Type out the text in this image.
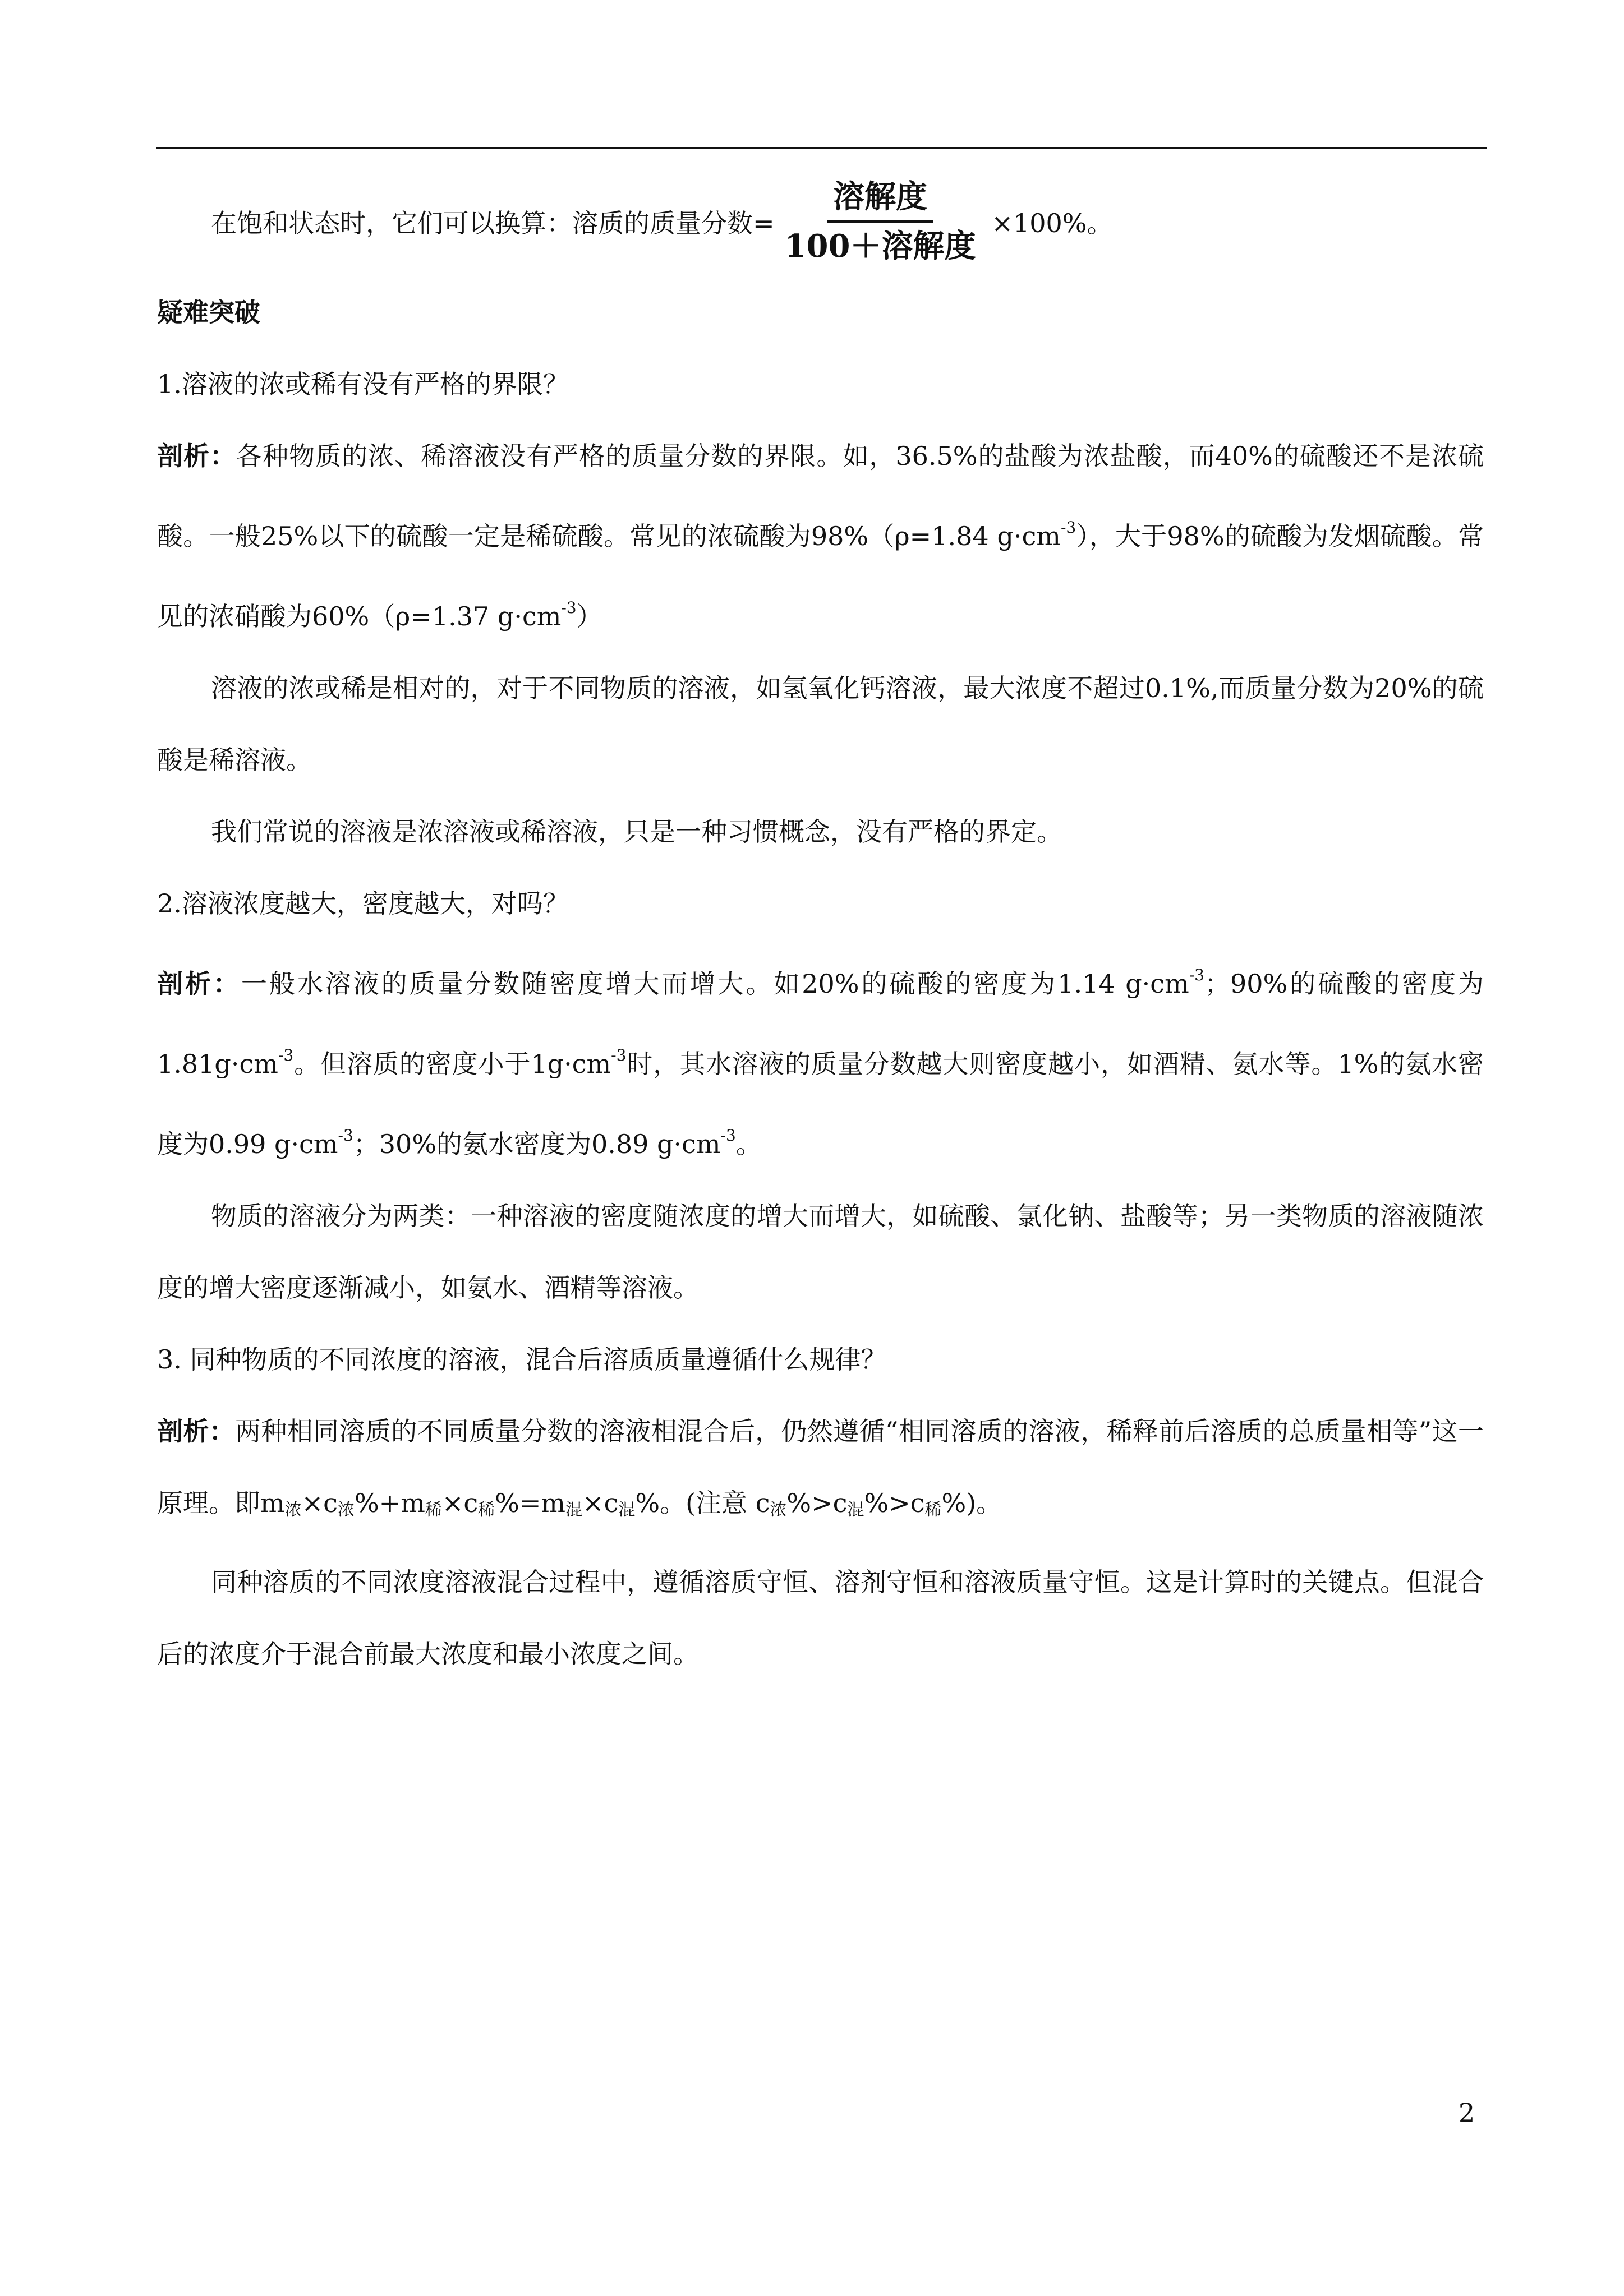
在饱和状态时，它们可以换算：溶质的质量分数= $\frac{\text{溶解度}}{\text{100＋溶解度}} \times 100\%$。

疑难突破

1.溶液的浓或稀有没有严格的界限？

剖析：各种物质的浓、稀溶液没有严格的质量分数的界限。如，36.5%的盐酸为浓盐酸，而40%的硫酸还不是浓硫酸。一般25%以下的硫酸一定是稀硫酸。常见的浓硫酸为98%（ρ=1.84 $g\cdot cm^{-3}$），大于98%的硫酸为发烟硫酸。常见的浓硝酸为60%（ρ=1.37 $g\cdot cm^{-3}$）

溶液的浓或稀是相对的，对于不同物质的溶液，如氢氧化钙溶液，最大浓度不超过0.1%,而质量分数为20%的硫酸是稀溶液。

我们常说的溶液是浓溶液或稀溶液，只是一种习惯概念，没有严格的界定。

2.溶液浓度越大，密度越大，对吗？

剖析：一般水溶液的质量分数随密度增大而增大。如20%的硫酸的密度为1.14 $g\cdot cm^{-3}$；90%的硫酸的密度为$1.81g\cdot cm^{-3}$。但溶质的密度小于$1g\cdot cm^{-3}$时，其水溶液的质量分数越大则密度越小，如酒精、氨水等。1%的氨水密度为0.99 $g\cdot cm^{-3}$；30%的氨水密度为0.89 $g\cdot cm^{-3}$。

物质的溶液分为两类：一种溶液的密度随浓度的增大而增大，如硫酸、氯化钠、盐酸等；另一类物质的溶液随浓度的增大密度逐渐减小，如氨水、酒精等溶液。

3. 同种物质的不同浓度的溶液，混合后溶质质量遵循什么规律？

剖析：两种相同溶质的不同质量分数的溶液相混合后，仍然遵循“相同溶质的溶液，稀释前后溶质的总质量相等”这一原理。即$m_浓\times c_浓\%+m_稀\times c_稀\%=m_混\times c_混\%$。(注意 $c_浓\%>c_混\%>c_稀\%$)。

同种溶质的不同浓度溶液混合过程中，遵循溶质守恒、溶剂守恒和溶液质量守恒。这是计算时的关键点。但混合后的浓度介于混合前最大浓度和最小浓度之间。

2
